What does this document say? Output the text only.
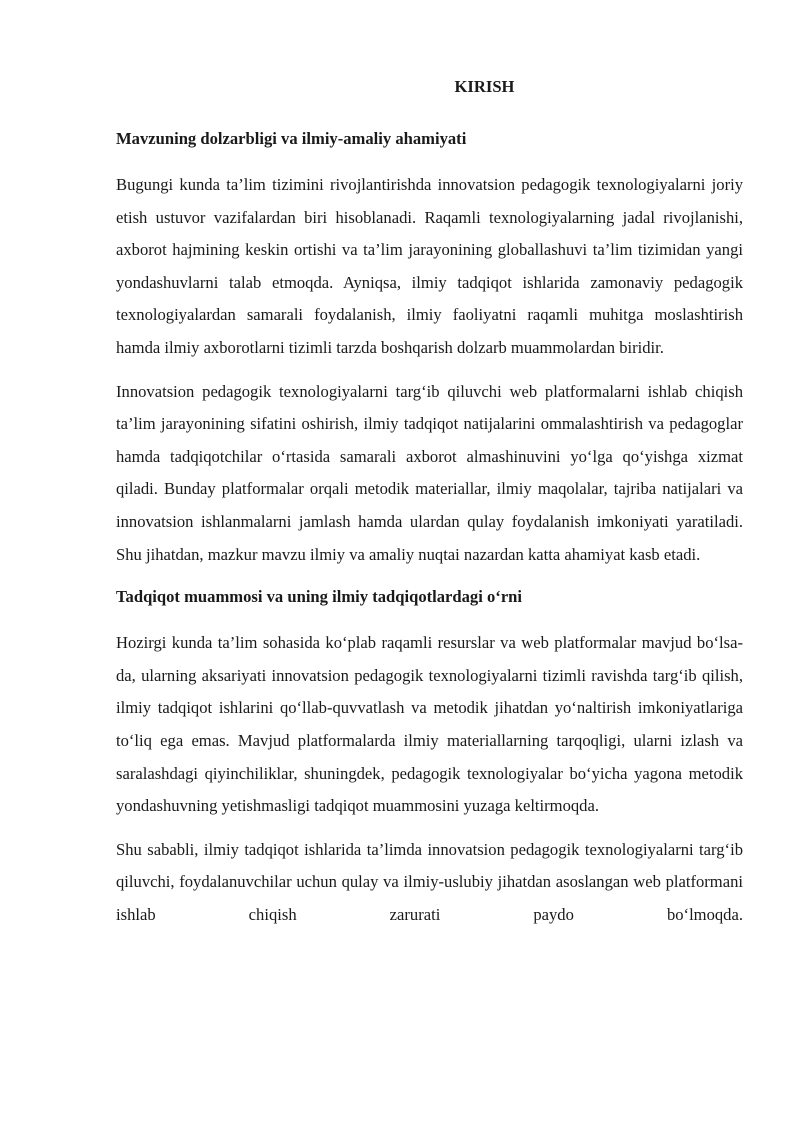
KIRISH

Mavzuning dolzarbligi va ilmiy-amaliy ahamiyati

Bugungi kunda ta’lim tizimini rivojlantirishda innovatsion pedagogik texnologiyalarni joriy etish ustuvor vazifalardan biri hisoblanadi. Raqamli texnologiyalarning jadal rivojlanishi, axborot hajmining keskin ortishi va ta’lim jarayonining globallashuvi ta’lim tizimidan yangi yondashuvlarni talab etmoqda. Ayniqsa, ilmiy tadqiqot ishlarida zamonaviy pedagogik texnologiyalardan samarali foydalanish, ilmiy faoliyatni raqamli muhitga moslashtirish hamda ilmiy axborotlarni tizimli tarzda boshqarish dolzarb muammolardan biridir.

Innovatsion pedagogik texnologiyalarni targ‘ib qiluvchi web platformalarni ishlab chiqish ta’lim jarayonining sifatini oshirish, ilmiy tadqiqot natijalarini ommalashtirish va pedagoglar hamda tadqiqotchilar o‘rtasida samarali axborot almashinuvini yo‘lga qo‘yishga xizmat qiladi. Bunday platformalar orqali metodik materiallar, ilmiy maqolalar, tajriba natijalari va innovatsion ishlanmalarni jamlash hamda ulardan qulay foydalanish imkoniyati yaratiladi. Shu jihatdan, mazkur mavzu ilmiy va amaliy nuqtai nazardan katta ahamiyat kasb etadi.

Tadqiqot muammosi va uning ilmiy tadqiqotlardagi o‘rni

Hozirgi kunda ta’lim sohasida ko‘plab raqamli resurslar va web platformalar mavjud bo‘lsa-da, ularning aksariyati innovatsion pedagogik texnologiyalarni tizimli ravishda targ‘ib qilish, ilmiy tadqiqot ishlarini qo‘llab-quvvatlash va metodik jihatdan yo‘naltirish imkoniyatlariga to‘liq ega emas. Mavjud platformalarda ilmiy materiallarning tarqoqligi, ularni izlash va saralashdagi qiyinchiliklar, shuningdek, pedagogik texnologiyalar bo‘yicha yagona metodik yondashuvning yetishmasligi tadqiqot muammosini yuzaga keltirmoqda.

Shu sababli, ilmiy tadqiqot ishlarida ta’limda innovatsion pedagogik texnologiyalarni targ‘ib qiluvchi, foydalanuvchilar uchun qulay va ilmiy-uslubiy jihatdan asoslangan web platformani ishlab chiqish zarurati paydo bo‘lmoqda.
